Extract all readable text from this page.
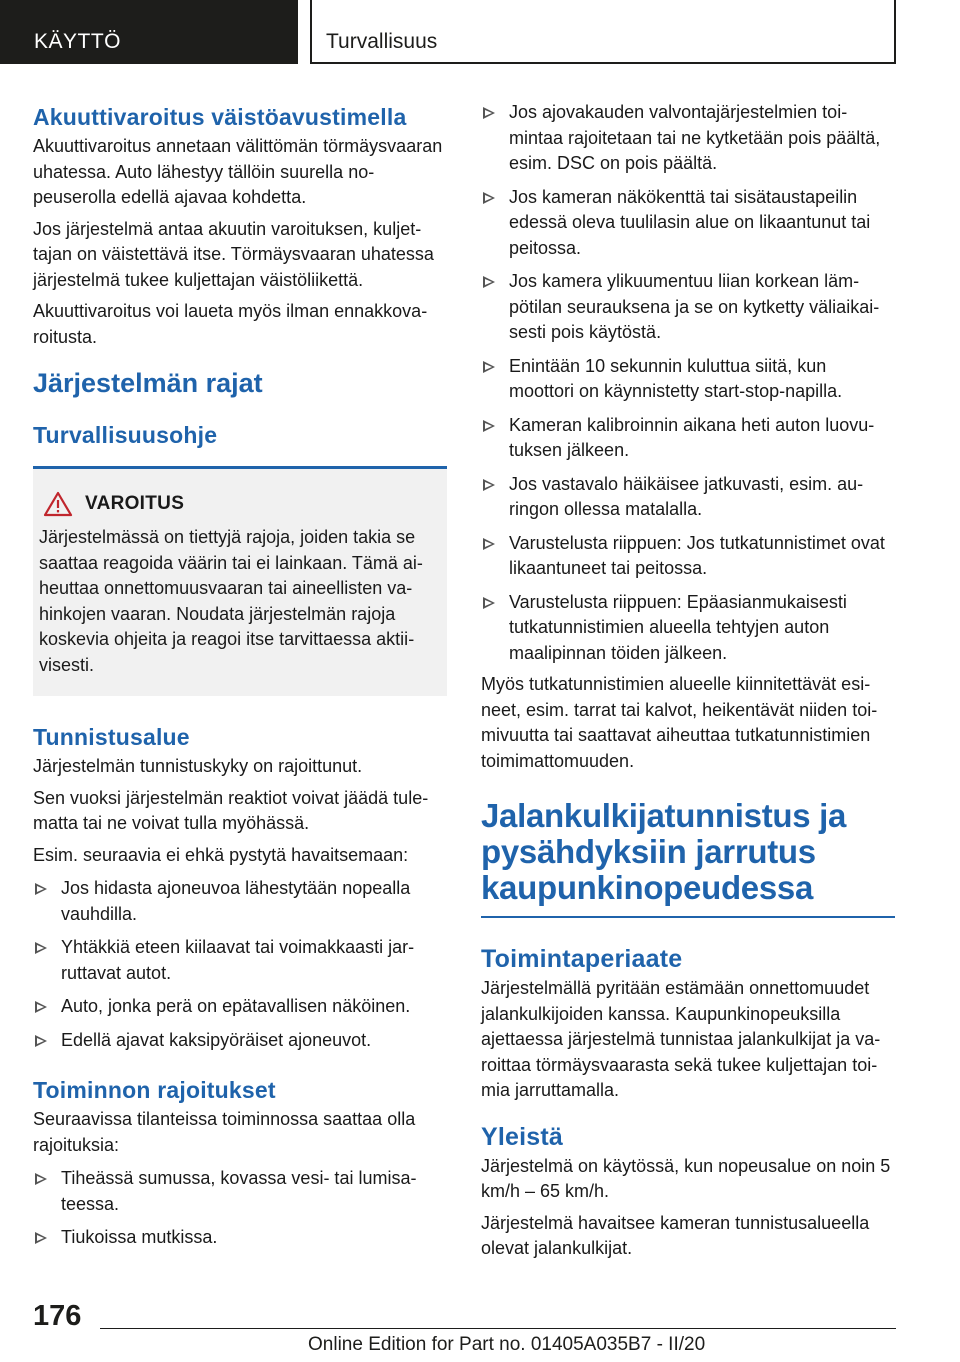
KÄYTTÖ	Turvallisuus
Akuuttivaroitus väistöavustimella
Akuuttivaroitus annetaan välittömän törmäysvaaran uhatessa. Auto lähestyy tällöin suurella nopeuserolla edellä ajavaa kohdetta.
Jos järjestelmä antaa akuutin varoituksen, kuljettajan on väistettävä itse. Törmäysvaaran uhatessa järjestelmä tukee kuljettajan väistöliikettä.
Akuuttivaroitus voi laueta myös ilman ennakkovaroitusta.
Järjestelmän rajat
Turvallisuusohje
VAROITUS
Järjestelmässä on tiettyjä rajoja, joiden takia se saattaa reagoida väärin tai ei lainkaan. Tämä aiheuttaa onnettomuusvaaran tai aineellisten vahinkojen vaaran. Noudata järjestelmän rajoja koskevia ohjeita ja reagoi itse tarvittaessa aktiivisesti.
Tunnistusalue
Järjestelmän tunnistuskyky on rajoittunut.
Sen vuoksi järjestelmän reaktiot voivat jäädä tulematta tai ne voivat tulla myöhässä.
Esim. seuraavia ei ehkä pystytä havaitsemaan:
Jos hidasta ajoneuvoa lähestytään nopealla vauhdilla.
Yhtäkkiä eteen kiilaavat tai voimakkaasti jarruttavat autot.
Auto, jonka perä on epätavallisen näköinen.
Edellä ajavat kaksipyöräiset ajoneuvot.
Toiminnon rajoitukset
Seuraavissa tilanteissa toiminnossa saattaa olla rajoituksia:
Tiheässä sumussa, kovassa vesi- tai lumisateessa.
Tiukoissa mutkissa.
Jos ajovakauden valvontajärjestelmien toimintaa rajoitetaan tai ne kytketään pois päältä, esim. DSC on pois päältä.
Jos kameran näkökenttä tai sisätaustapeilin edessä oleva tuulilasin alue on likaantunut tai peitossa.
Jos kamera ylikuumentuu liian korkean lämpötilan seurauksena ja se on kytketty väliaikaisesti pois käytöstä.
Enintään 10 sekunnin kuluttua siitä, kun moottori on käynnistetty start-stop-napilla.
Kameran kalibroinnin aikana heti auton luovutuksen jälkeen.
Jos vastavalo häikäisee jatkuvasti, esim. auringon ollessa matalalla.
Varustelusta riippuen: Jos tutkatunnistimet ovat likaantuneet tai peitossa.
Varustelusta riippuen: Epäasianmukaisesti tutkatunnistimien alueella tehtyjen auton maalipinnan töiden jälkeen.
Myös tutkatunnistimien alueelle kiinnitettävät esineet, esim. tarrat tai kalvot, heikentävät niiden toimivuutta tai saattavat aiheuttaa tutkatunnistimien toimimattomuuden.
Jalankulkijatunnistus ja pysähdyksiin jarrutus kaupunkinopeudessa
Toimintaperiaate
Järjestelmällä pyritään estämään onnettomuudet jalankulkijoiden kanssa. Kaupunkinopeuksilla ajettaessa järjestelmä tunnistaa jalankulkijat ja varoittaa törmäysvaarasta sekä tukee kuljettajan toimia jarruttamalla.
Yleistä
Järjestelmä on käytössä, kun nopeusalue on noin 5 km/h – 65 km/h.
Järjestelmä havaitsee kameran tunnistusalueella olevat jalankulkijat.
176
Online Edition for Part no. 01405A035B7 - II/20
